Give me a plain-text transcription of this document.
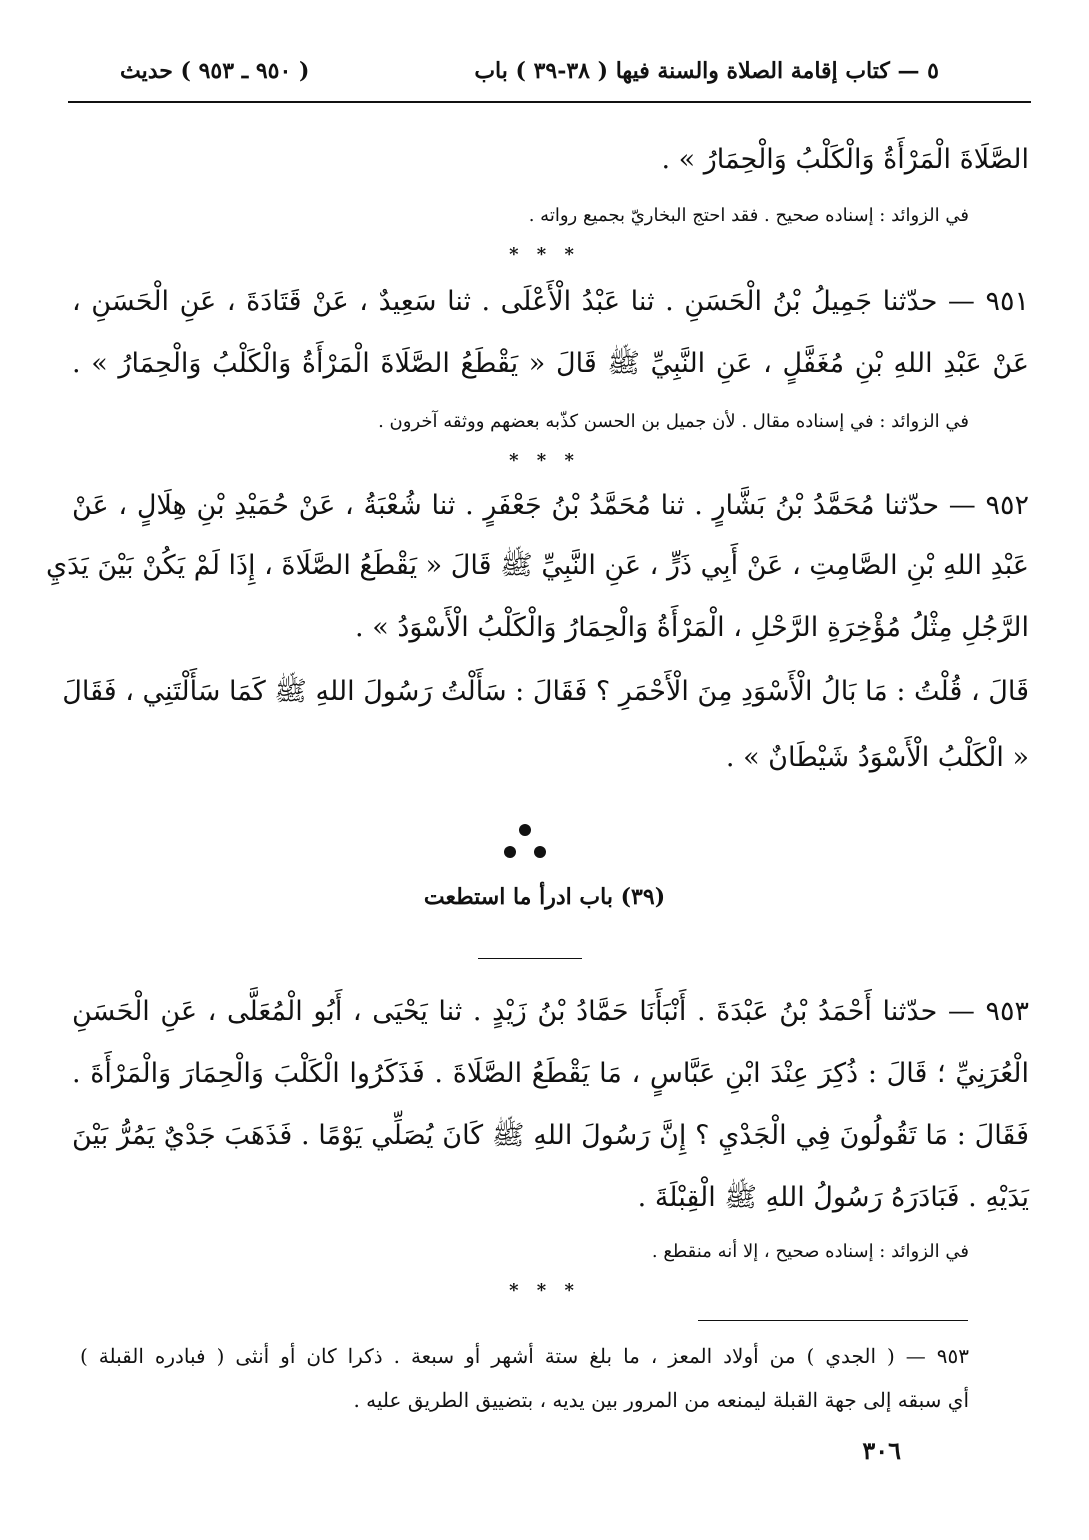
٥ — كتاب إقامة الصلاة والسنة فيها ( ٣٨-٣٩ ) باب
( ٩٥٠ ـ ٩٥٣ ) حديث
الصَّلَاةَ الْمَرْأَةُ وَالْكَلْبُ وَالْحِمَارُ » .
في الزوائد : إسناده صحيح . فقد احتج البخاريّ بجميع رواته .
* * *
٩٥١ — حدّثنا جَمِيلُ بْنُ الْحَسَنِ . ثنا عَبْدُ الْأَعْلَى . ثنا سَعِيدٌ ، عَنْ قَتَادَةَ ، عَنِ الْحَسَنِ ،
عَنْ عَبْدِ اللهِ بْنِ مُغَفَّلٍ ، عَنِ النَّبِيِّ ﷺ قَالَ « يَقْطَعُ الصَّلَاةَ الْمَرْأَةُ وَالْكَلْبُ وَالْحِمَارُ » .
في الزوائد : في إسناده مقال . لأن جميل بن الحسن كذّبه بعضهم ووثقه آخرون .
* * *
٩٥٢ — حدّثنا مُحَمَّدُ بْنُ بَشَّارٍ . ثنا مُحَمَّدُ بْنُ جَعْفَرٍ . ثنا شُعْبَةُ ، عَنْ حُمَيْدِ بْنِ هِلَالٍ ، عَنْ
عَبْدِ اللهِ بْنِ الصَّامِتِ ، عَنْ أَبِي ذَرٍّ ، عَنِ النَّبِيِّ ﷺ قَالَ « يَقْطَعُ الصَّلَاةَ ، إِذَا لَمْ يَكُنْ بَيْنَ يَدَيِ
الرَّجُلِ مِثْلُ مُؤْخِرَةِ الرَّحْلِ ، الْمَرْأَةُ وَالْحِمَارُ وَالْكَلْبُ الْأَسْوَدُ » .
قَالَ ، قُلْتُ : مَا بَالُ الْأَسْوَدِ مِنَ الْأَحْمَرِ ؟ فَقَالَ : سَأَلْتُ رَسُولَ اللهِ ﷺ كَمَا سَأَلْتَنِي ، فَقَالَ
« الْكَلْبُ الْأَسْوَدُ شَيْطَانٌ » .
(٣٩) باب ادرأ ما استطعت
٩٥٣ — حدّثنا أَحْمَدُ بْنُ عَبْدَةَ . أَنْبَأَنَا حَمَّادُ بْنُ زَيْدٍ . ثنا يَحْيَى ، أَبُو الْمُعَلَّى ، عَنِ الْحَسَنِ
الْعُرَنِيِّ ؛ قَالَ : ذُكِرَ عِنْدَ ابْنِ عَبَّاسٍ ، مَا يَقْطَعُ الصَّلَاةَ . فَذَكَرُوا الْكَلْبَ وَالْحِمَارَ وَالْمَرْأَةَ .
فَقَالَ : مَا تَقُولُونَ فِي الْجَدْيِ ؟ إِنَّ رَسُولَ اللهِ ﷺ كَانَ يُصَلِّي يَوْمًا . فَذَهَبَ جَدْيٌ يَمُرُّ بَيْنَ
يَدَيْهِ . فَبَادَرَهُ رَسُولُ اللهِ ﷺ الْقِبْلَةَ .
في الزوائد : إسناده صحيح ، إلا أنه منقطع .
* * *
٩٥٣ — ( الجدي ) من أولاد المعز ، ما بلغ ستة أشهر أو سبعة . ذكرا كان أو أنثى ( فبادره القبلة )
أي سبقه إلى جهة القبلة ليمنعه من المرور بين يديه ، بتضييق الطريق عليه .
٣٠٦
